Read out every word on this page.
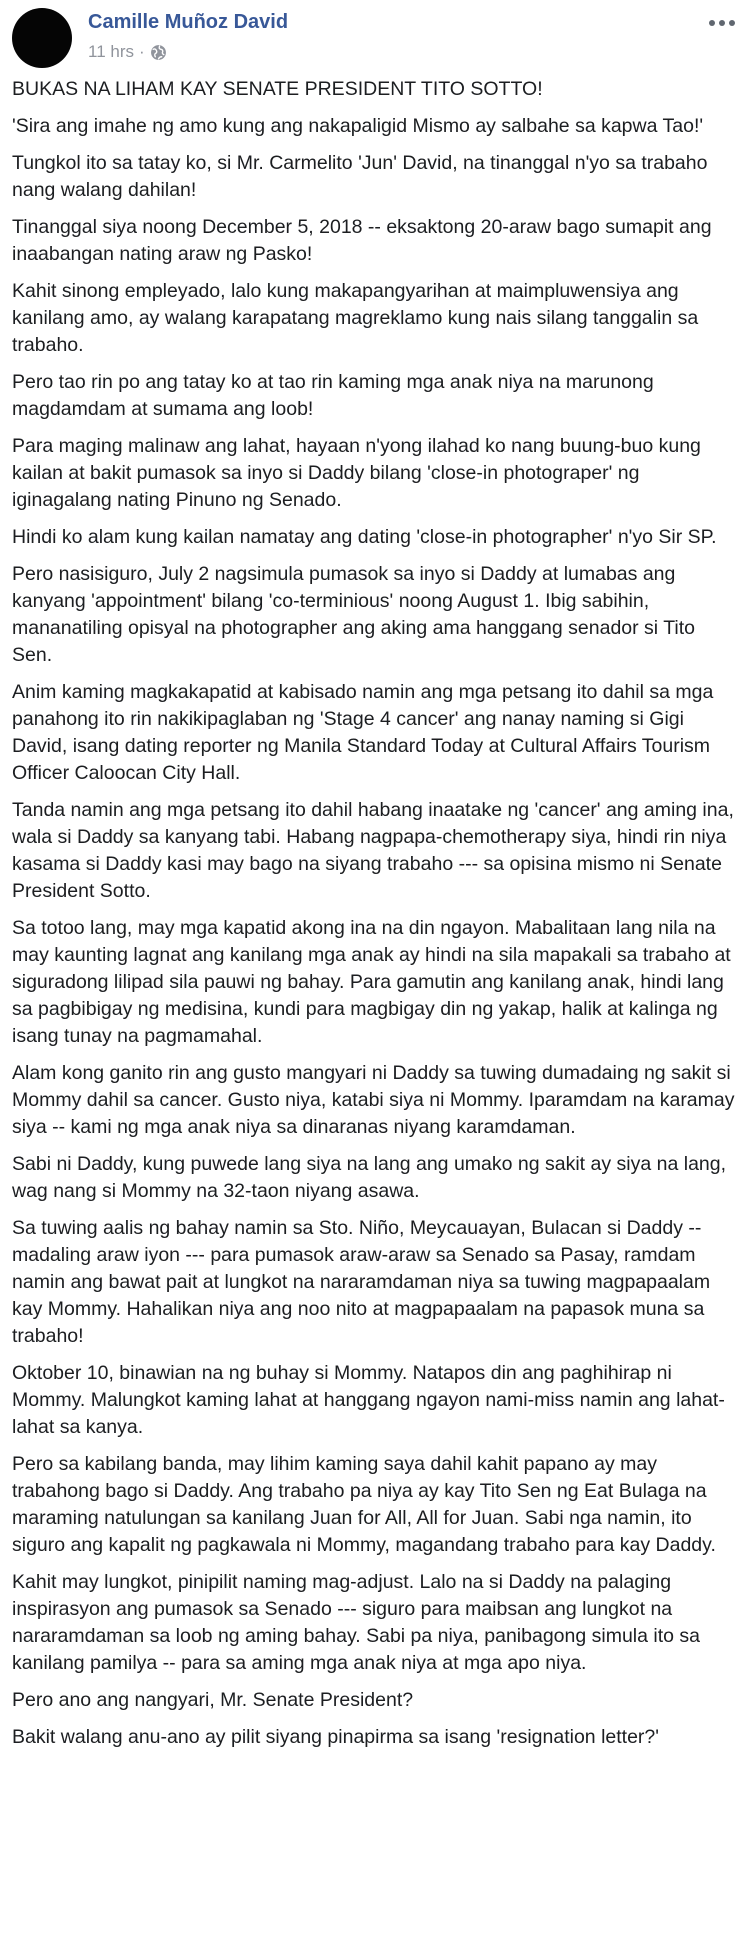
Camille Muñoz David
11 hrs ·

BUKAS NA LIHAM KAY SENATE PRESIDENT TITO SOTTO!

'Sira ang imahe ng amo kung ang nakapaligid Mismo ay salbahe sa kapwa Tao!'

Tungkol ito sa tatay ko, si Mr. Carmelito 'Jun' David, na tinanggal n'yo sa trabaho nang walang dahilan!

Tinanggal siya noong December 5, 2018 -- eksaktong 20-araw bago sumapit ang inaabangan nating araw ng Pasko!

Kahit sinong empleyado, lalo kung makapangyarihan at maimpluwensiya ang kanilang amo, ay walang karapatang magreklamo kung nais silang tanggalin sa trabaho.

Pero tao rin po ang tatay ko at tao rin kaming mga anak niya na marunong magdamdam at sumama ang loob!

Para maging malinaw ang lahat, hayaan n'yong ilahad ko nang buung-buo kung kailan at bakit pumasok sa inyo si Daddy bilang 'close-in photograper' ng iginagalang nating Pinuno ng Senado.

Hindi ko alam kung kailan namatay ang dating 'close-in photographer' n'yo Sir SP.

Pero nasisiguro, July 2 nagsimula pumasok sa inyo si Daddy at lumabas ang kanyang 'appointment' bilang 'co-terminious' noong August 1. Ibig sabihin, mananatiling opisyal na photographer ang aking ama hanggang senador si Tito Sen.

Anim kaming magkakapatid at kabisado namin ang mga petsang ito dahil sa mga panahong ito rin nakikipaglaban ng 'Stage 4 cancer' ang nanay naming si Gigi David, isang dating reporter ng Manila Standard Today at Cultural Affairs Tourism Officer Caloocan City Hall.

Tanda namin ang mga petsang ito dahil habang inaatake ng 'cancer' ang aming ina, wala si Daddy sa kanyang tabi. Habang nagpapa-chemotherapy siya, hindi rin niya kasama si Daddy kasi may bago na siyang trabaho --- sa opisina mismo ni Senate President Sotto.

Sa totoo lang, may mga kapatid akong ina na din ngayon. Mabalitaan lang nila na may kaunting lagnat ang kanilang mga anak ay hindi na sila mapakali sa trabaho at siguradong lilipad sila pauwi ng bahay. Para gamutin ang kanilang anak, hindi lang sa pagbibigay ng medisina, kundi para magbigay din ng yakap, halik at kalinga ng isang tunay na pagmamahal.

Alam kong ganito rin ang gusto mangyari ni Daddy sa tuwing dumadaing ng sakit si Mommy dahil sa cancer. Gusto niya, katabi siya ni Mommy. Iparamdam na karamay siya -- kami ng mga anak niya sa dinaranas niyang karamdaman.

Sabi ni Daddy, kung puwede lang siya na lang ang umako ng sakit ay siya na lang, wag nang si Mommy na 32-taon niyang asawa.

Sa tuwing aalis ng bahay namin sa Sto. Niño, Meycauayan, Bulacan si Daddy -- madaling araw iyon --- para pumasok araw-araw sa Senado sa Pasay, ramdam namin ang bawat pait at lungkot na nararamdaman niya sa tuwing magpapaalam kay Mommy. Hahalikan niya ang noo nito at magpapaalam na papasok muna sa trabaho!

Oktober 10, binawian na ng buhay si Mommy. Natapos din ang paghihirap ni Mommy. Malungkot kaming lahat at hanggang ngayon nami-miss namin ang lahat-lahat sa kanya.

Pero sa kabilang banda, may lihim kaming saya dahil kahit papano ay may trabahong bago si Daddy. Ang trabaho pa niya ay kay Tito Sen ng Eat Bulaga na maraming natulungan sa kanilang Juan for All, All for Juan. Sabi nga namin, ito siguro ang kapalit ng pagkawala ni Mommy, magandang trabaho para kay Daddy.

Kahit may lungkot, pinipilit naming mag-adjust. Lalo na si Daddy na palaging inspirasyon ang pumasok sa Senado --- siguro para maibsan ang lungkot na nararamdaman sa loob ng aming bahay. Sabi pa niya, panibagong simula ito sa kanilang pamilya -- para sa aming mga anak niya at mga apo niya.

Pero ano ang nangyari, Mr. Senate President?

Bakit walang anu-ano ay pilit siyang pinapirma sa isang 'resignation letter?'
